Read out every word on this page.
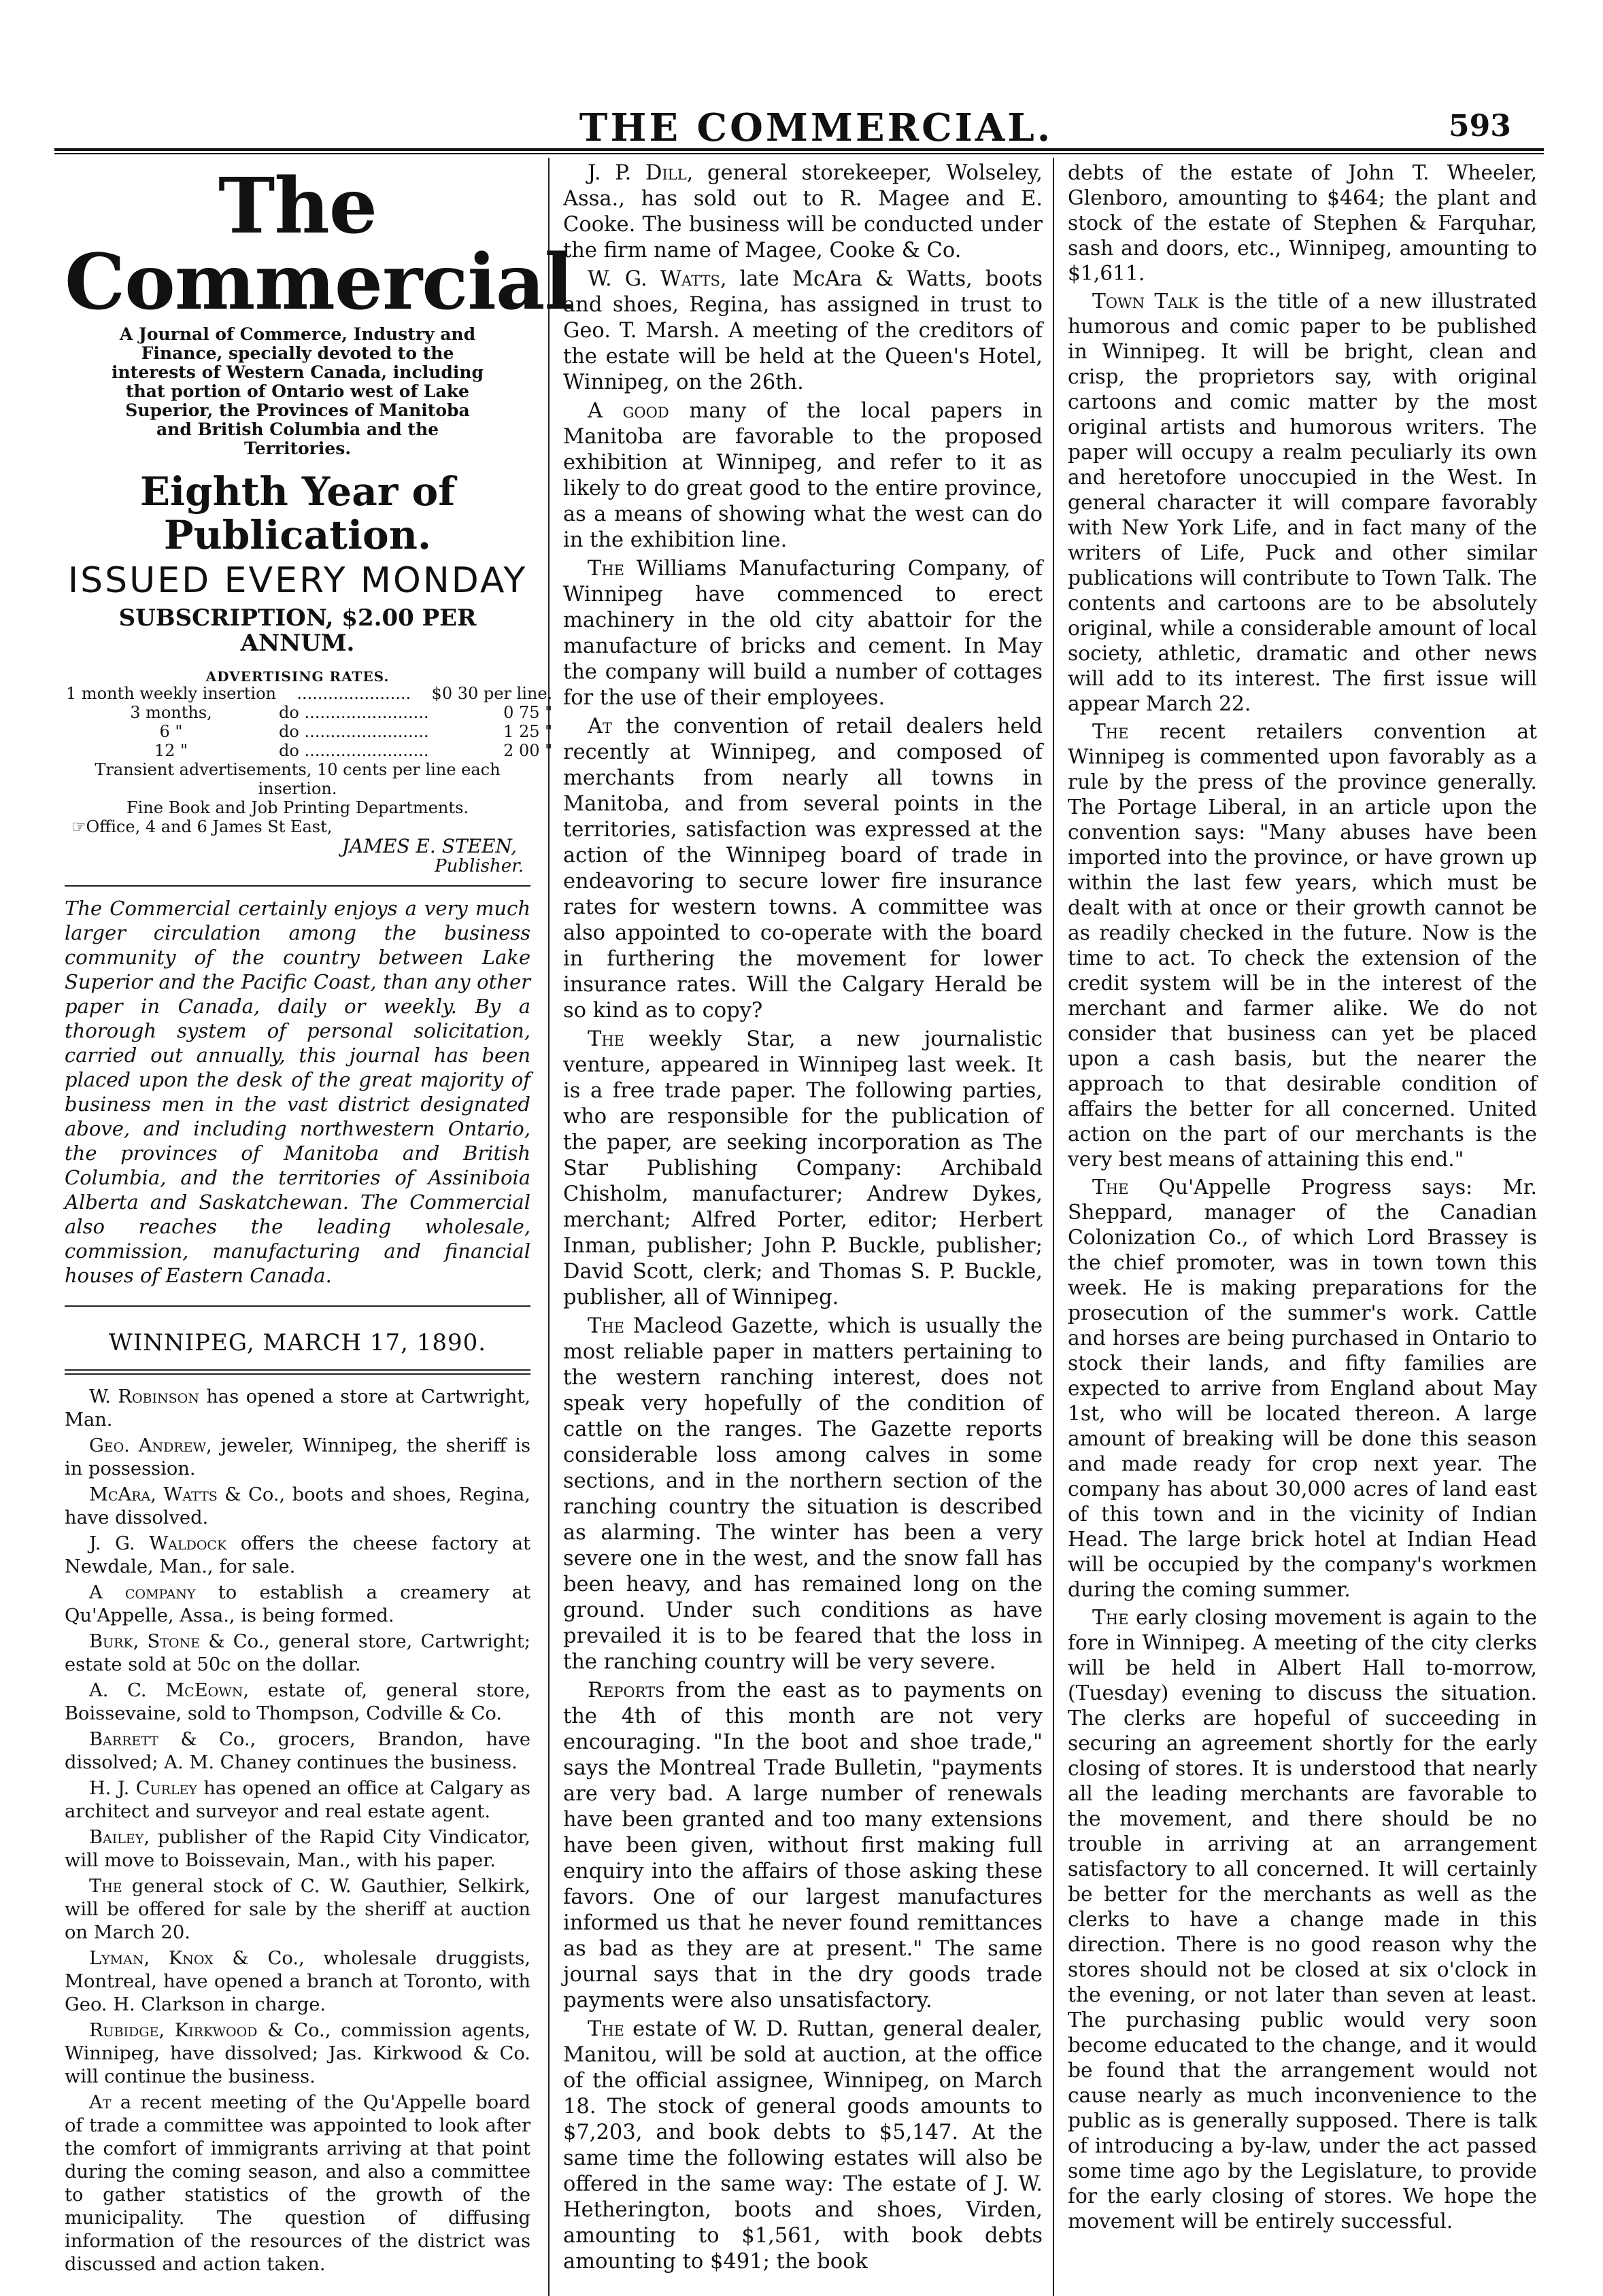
THE COMMERCIAL.	593
The Commercial
A Journal of Commerce, Industry and Finance, specially devoted to the interests of Western Canada, including that portion of Ontario west of Lake Superior, the Provinces of Manitoba and British Columbia and the Territories.
Eighth Year of Publication.
ISSUED EVERY MONDAY
SUBSCRIPTION, $2.00 PER ANNUM.
ADVERTISING RATES.
1 month weekly insertion	......................	$0 30 per line.
3 months,	do ........................	0 75 "
6 "	do ........................	1 25 "
12 "	do ........................	2 00 "
Transient advertisements, 10 cents per line each insertion.
Fine Book and Job Printing Departments.
☞Office, 4 and 6 James St East,
JAMES E. STEEN,
Publisher.
The Commercial certainly enjoys a very much larger circulation among the business community of the country between Lake Superior and the Pacific Coast, than any other paper in Canada, daily or weekly. By a thorough system of personal solicitation, carried out annually, this journal has been placed upon the desk of the great majority of business men in the vast district designated above, and including northwestern Ontario, the provinces of Manitoba and British Columbia, and the territories of Assiniboia Alberta and Saskatchewan. The Commercial also reaches the leading wholesale, commission, manufacturing and financial houses of Eastern Canada.
WINNIPEG, MARCH 17, 1890.

W. Robinson has opened a store at Cartwright, Man.

Geo. Andrew, jeweler, Winnipeg, the sheriff is in possession.

McAra, Watts & Co., boots and shoes, Regina, have dissolved.

J. G. Waldock offers the cheese factory at Newdale, Man., for sale.

A company to establish a creamery at Qu'Appelle, Assa., is being formed.

Burk, Stone & Co., general store, Cartwright; estate sold at 50c on the dollar.

A. C. McEown, estate of, general store, Boissevaine, sold to Thompson, Codville & Co.

Barrett & Co., grocers, Brandon, have dissolved; A. M. Chaney continues the business.

H. J. Curley has opened an office at Calgary as architect and surveyor and real estate agent.

Bailey, publisher of the Rapid City Vindicator, will move to Boissevain, Man., with his paper.

The general stock of C. W. Gauthier, Selkirk, will be offered for sale by the sheriff at auction on March 20.

Lyman, Knox & Co., wholesale druggists, Montreal, have opened a branch at Toronto, with Geo. H. Clarkson in charge.

Rubidge, Kirkwood & Co., commission agents, Winnipeg, have dissolved; Jas. Kirkwood & Co. will continue the business.

At a recent meeting of the Qu'Appelle board of trade a committee was appointed to look after the comfort of immigrants arriving at that point during the coming season, and also a committee to gather statistics of the growth of the municipality. The question of diffusing information of the resources of the district was discussed and action taken.

J. P. Dill, general storekeeper, Wolseley, Assa., has sold out to R. Magee and E. Cooke. The business will be conducted under the firm name of Magee, Cooke & Co.

W. G. Watts, late McAra & Watts, boots and shoes, Regina, has assigned in trust to Geo. T. Marsh. A meeting of the creditors of the estate will be held at the Queen's Hotel, Winnipeg, on the 26th.

A good many of the local papers in Manitoba are favorable to the proposed exhibition at Winnipeg, and refer to it as likely to do great good to the entire province, as a means of showing what the west can do in the exhibition line.

The Williams Manufacturing Company, of Winnipeg have commenced to erect machinery in the old city abattoir for the manufacture of bricks and cement. In May the company will build a number of cottages for the use of their employees.

At the convention of retail dealers held recently at Winnipeg, and composed of merchants from nearly all towns in Manitoba, and from several points in the territories, satisfaction was expressed at the action of the Winnipeg board of trade in endeavoring to secure lower fire insurance rates for western towns. A committee was also appointed to co-operate with the board in furthering the movement for lower insurance rates. Will the Calgary Herald be so kind as to copy?

The weekly Star, a new journalistic venture, appeared in Winnipeg last week. It is a free trade paper. The following parties, who are responsible for the publication of the paper, are seeking incorporation as The Star Publishing Company: Archibald Chisholm, manufacturer; Andrew Dykes, merchant; Alfred Porter, editor; Herbert Inman, publisher; John P. Buckle, publisher; David Scott, clerk; and Thomas S. P. Buckle, publisher, all of Winnipeg.

The Macleod Gazette, which is usually the most reliable paper in matters pertaining to the western ranching interest, does not speak very hopefully of the condition of cattle on the ranges. The Gazette reports considerable loss among calves in some sections, and in the northern section of the ranching country the situation is described as alarming. The winter has been a very severe one in the west, and the snow fall has been heavy, and has remained long on the ground. Under such conditions as have prevailed it is to be feared that the loss in the ranching country will be very severe.

Reports from the east as to payments on the 4th of this month are not very encouraging. "In the boot and shoe trade," says the Montreal Trade Bulletin, "payments are very bad. A large number of renewals have been granted and too many extensions have been given, without first making full enquiry into the affairs of those asking these favors. One of our largest manufactures informed us that he never found remittances as bad as they are at present." The same journal says that in the dry goods trade payments were also unsatisfactory.

The estate of W. D. Ruttan, general dealer, Manitou, will be sold at auction, at the office of the official assignee, Winnipeg, on March 18. The stock of general goods amounts to $7,203, and book debts to $5,147. At the same time the following estates will also be offered in the same way: The estate of J. W. Hetherington, boots and shoes, Virden, amounting to $1,561, with book debts amounting to $491; the book

debts of the estate of John T. Wheeler, Glenboro, amounting to $464; the plant and stock of the estate of Stephen & Farquhar, sash and doors, etc., Winnipeg, amounting to $1,611.

Town Talk is the title of a new illustrated humorous and comic paper to be published in Winnipeg. It will be bright, clean and crisp, the proprietors say, with original cartoons and comic matter by the most original artists and humorous writers. The paper will occupy a realm peculiarly its own and heretofore unoccupied in the West. In general character it will compare favorably with New York Life, and in fact many of the writers of Life, Puck and other similar publications will contribute to Town Talk. The contents and cartoons are to be absolutely original, while a considerable amount of local society, athletic, dramatic and other news will add to its interest. The first issue will appear March 22.

The recent retailers convention at Winnipeg is commented upon favorably as a rule by the press of the province generally. The Portage Liberal, in an article upon the convention says: "Many abuses have been imported into the province, or have grown up within the last few years, which must be dealt with at once or their growth cannot be as readily checked in the future. Now is the time to act. To check the extension of the credit system will be in the interest of the merchant and farmer alike. We do not consider that business can yet be placed upon a cash basis, but the nearer the approach to that desirable condition of affairs the better for all concerned. United action on the part of our merchants is the very best means of attaining this end."

The Qu'Appelle Progress says: Mr. Sheppard, manager of the Canadian Colonization Co., of which Lord Brassey is the chief promoter, was in town town this week. He is making preparations for the prosecution of the summer's work. Cattle and horses are being purchased in Ontario to stock their lands, and fifty families are expected to arrive from England about May 1st, who will be located thereon. A large amount of breaking will be done this season and made ready for crop next year. The company has about 30,000 acres of land east of this town and in the vicinity of Indian Head. The large brick hotel at Indian Head will be occupied by the company's workmen during the coming summer.

The early closing movement is again to the fore in Winnipeg. A meeting of the city clerks will be held in Albert Hall to-morrow, (Tuesday) evening to discuss the situation. The clerks are hopeful of succeeding in securing an agreement shortly for the early closing of stores. It is understood that nearly all the leading merchants are favorable to the movement, and there should be no trouble in arriving at an arrangement satisfactory to all concerned. It will certainly be better for the merchants as well as the clerks to have a change made in this direction. There is no good reason why the stores should not be closed at six o'clock in the evening, or not later than seven at least. The purchasing public would very soon become educated to the change, and it would be found that the arrangement would not cause nearly as much inconvenience to the public as is generally supposed. There is talk of introducing a by-law, under the act passed some time ago by the Legislature, to provide for the early closing of stores. We hope the movement will be entirely successful.
